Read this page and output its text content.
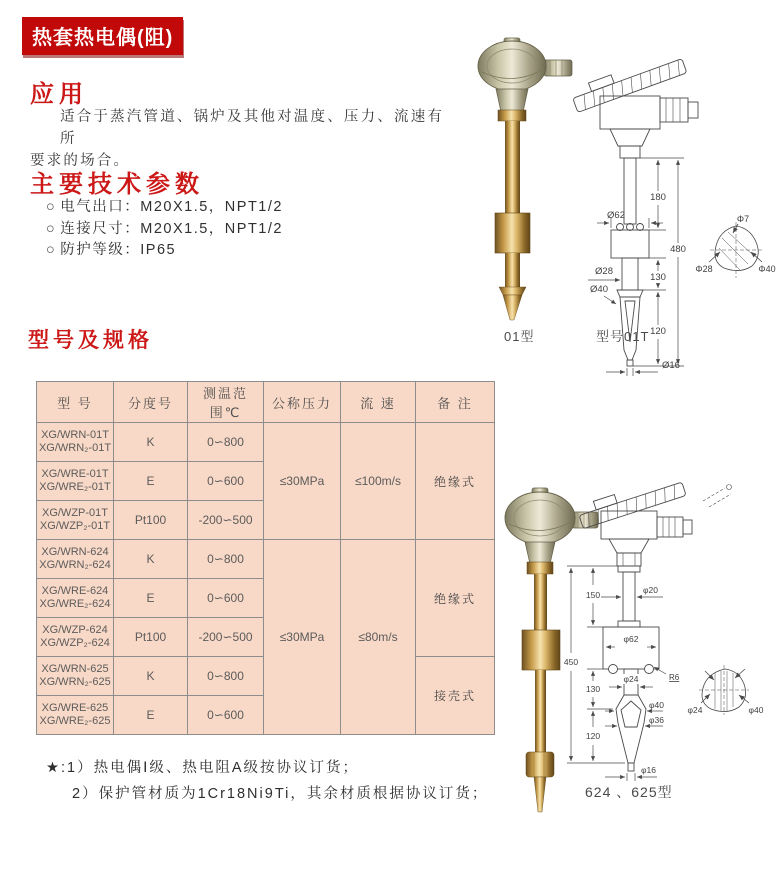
热套热电偶(阻)
应用
适合于蒸汽管道、锅炉及其他对温度、压力、流速有所
要求的场合。
主要技术参数
○ 电气出口：M20X1.5，NPT1/2
○ 连接尺寸：M20X1.5，NPT1/2
○ 防护等级：IP65
型号及规格
型 号	分度号	测温范围℃	公称压力	流 速	备 注

XG/WRN-01T
XG/WRN₂-01T	K	0∽800	≤30MPa	≤100m/s	绝缘式

XG/WRE-01T
XG/WRE₂-01T	E	0∽600			

XG/WZP-01T
XG/WZP₂-01T	Pt100	-200∽500			

XG/WRN-624
XG/WRN₂-624	K	0∽800	≤30MPa	≤80m/s	绝缘式

XG/WRE-624
XG/WRE₂-624	E	0∽600			

XG/WZP-624
XG/WZP₂-624	Pt100	-200∽500			

XG/WRN-625
XG/WRN₂-625	K	0∽800			接壳式

XG/WRE-625
XG/WRE₂-625	E	0∽600			
★:1）热电偶Ⅰ级、热电阻A级按协议订货；
2）保护管材质为1Cr18Ni9Ti，其余材质根据协议订货；
01型
Ø62
180
130
120
480
Ø28
Ø40
Ø16
Φ7
Φ28	Φ40
型号01T
150
130
120
450
φ20
φ62
R6
φ24
φ40
φ36
φ16
φ24	φ40
624 、625型
